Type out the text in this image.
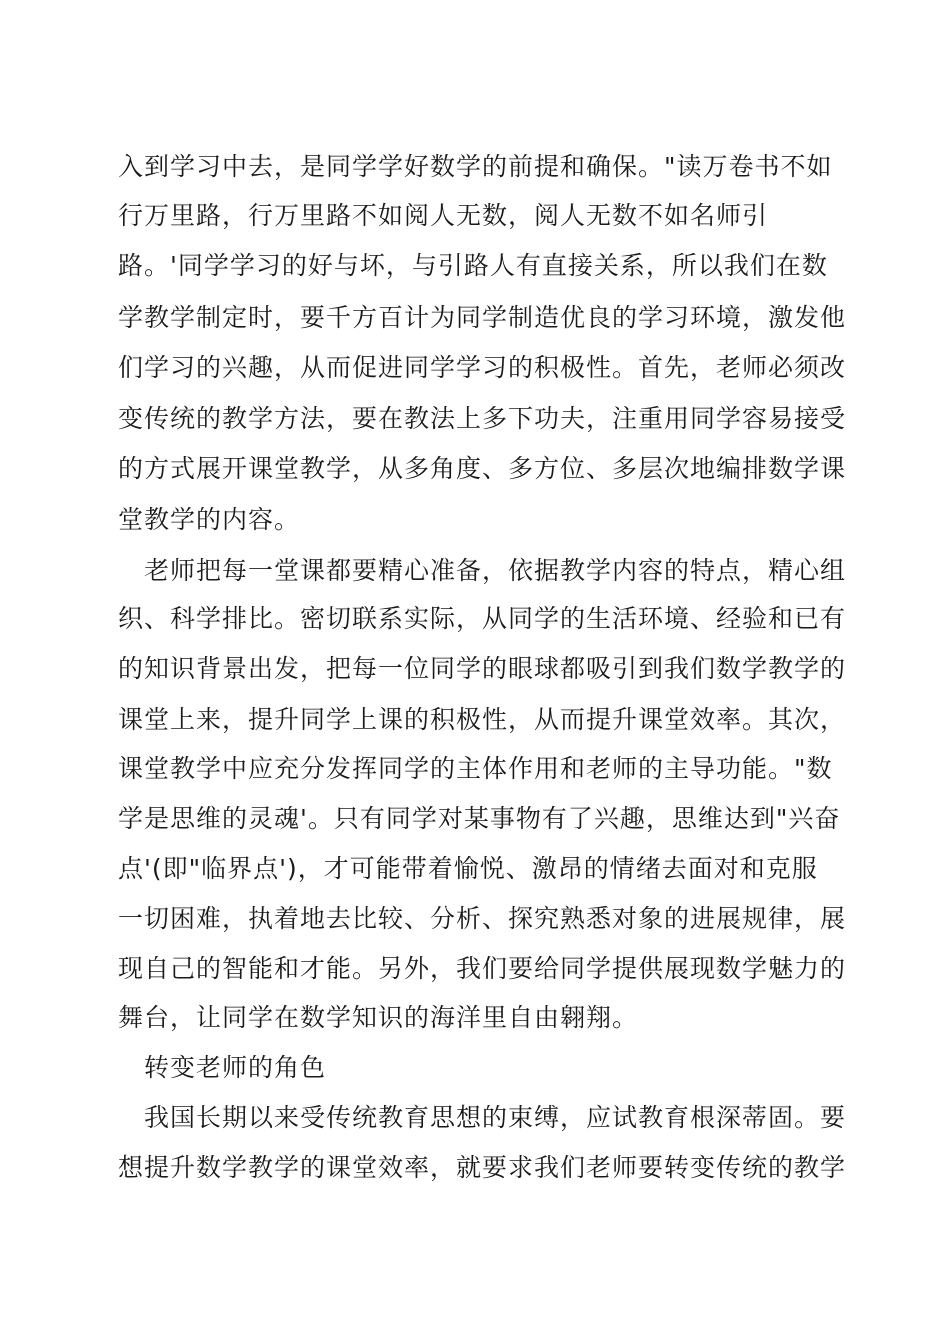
入到学习中去，是同学学好数学的前提和确保。"读万卷书不如
行万里路，行万里路不如阅人无数，阅人无数不如名师引
路。'同学学习的好与坏，与引路人有直接关系，所以我们在数
学教学制定时，要千方百计为同学制造优良的学习环境，激发他
们学习的兴趣，从而促进同学学习的积极性。首先，老师必须改
变传统的教学方法，要在教法上多下功夫，注重用同学容易接受
的方式展开课堂教学，从多角度、多方位、多层次地编排数学课
堂教学的内容。
老师把每一堂课都要精心准备，依据教学内容的特点，精心组
织、科学排比。密切联系实际，从同学的生活环境、经验和已有
的知识背景出发，把每一位同学的眼球都吸引到我们数学教学的
课堂上来，提升同学上课的积极性，从而提升课堂效率。其次，
课堂教学中应充分发挥同学的主体作用和老师的主导功能。"数
学是思维的灵魂'。只有同学对某事物有了兴趣，思维达到"兴奋
点'(即"临界点')，才可能带着愉悦、激昂的情绪去面对和克服
一切困难，执着地去比较、分析、探究熟悉对象的进展规律，展
现自己的智能和才能。另外，我们要给同学提供展现数学魅力的
舞台，让同学在数学知识的海洋里自由翱翔。
转变老师的角色
我国长期以来受传统教育思想的束缚，应试教育根深蒂固。要
想提升数学教学的课堂效率，就要求我们老师要转变传统的教学
